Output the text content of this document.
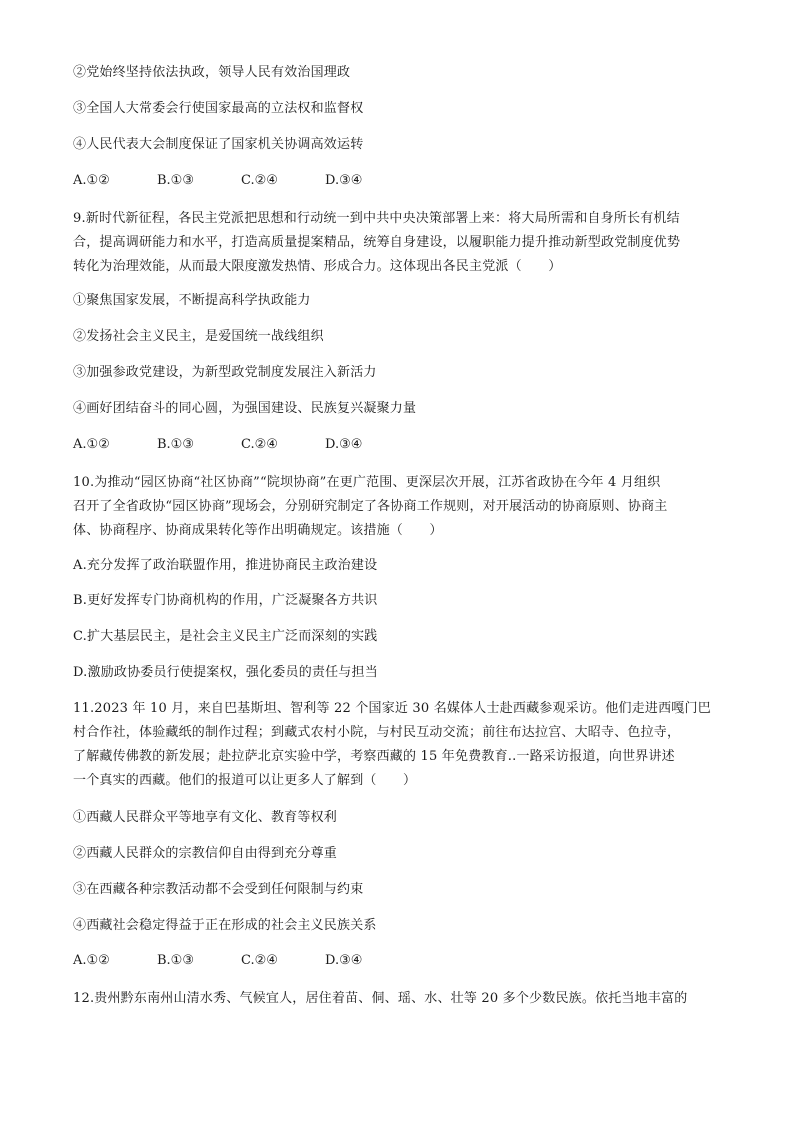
②党始终坚持依法执政，领导人民有效治国理政
③全国人大常委会行使国家最高的立法权和监督权
④人民代表大会制度保证了国家机关协调高效运转
A.①②	B.①③	C.②④	D.③④
9.新时代新征程，各民主党派把思想和行动统一到中共中央决策部署上来：将大局所需和自身所长有机结
合，提高调研能力和水平，打造高质量提案精品，统筹自身建设，以履职能力提升推动新型政党制度优势
转化为治理效能，从而最大限度激发热情、形成合力。这体现出各民主党派（　　）
①聚焦国家发展，不断提高科学执政能力
②发扬社会主义民主，是爱国统一战线组织
③加强参政党建设，为新型政党制度发展注入新活力
④画好团结奋斗的同心圆，为强国建设、民族复兴凝聚力量
A.①②	B.①③	C.②④	D.③④
10.为推动“园区协商“社区协商”“院坝协商”在更广范围、更深层次开展，江苏省政协在今年 4 月组织
召开了全省政协“园区协商”现场会，分别研究制定了各协商工作规则，对开展活动的协商原则、协商主
体、协商程序、协商成果转化等作出明确规定。该措施（　　）
A.充分发挥了政治联盟作用，推进协商民主政治建设
B.更好发挥专门协商机构的作用，广泛凝聚各方共识
C.扩大基层民主，是社会主义民主广泛而深刻的实践
D.激励政协委员行使提案权，强化委员的责任与担当
11.2023 年 10 月，来自巴基斯坦、智利等 22 个国家近 30 名媒体人士赴西藏参观采访。他们走进西嘎门巴
村合作社，体验藏纸的制作过程；到藏式农村小院，与村民互动交流；前往布达拉宫、大昭寺、色拉寺，
了解藏传佛教的新发展；赴拉萨北京实验中学，考察西藏的 15 年免费教育..一路采访报道，向世界讲述
一个真实的西藏。他们的报道可以让更多人了解到（　　）
①西藏人民群众平等地享有文化、教育等权利
②西藏人民群众的宗教信仰自由得到充分尊重
③在西藏各种宗教活动都不会受到任何限制与约束
④西藏社会稳定得益于正在形成的社会主义民族关系
A.①②	B.①③	C.②④	D.③④
12.贵州黔东南州山清水秀、气候宜人，居住着苗、侗、瑶、水、壮等 20 多个少数民族。依托当地丰富的
